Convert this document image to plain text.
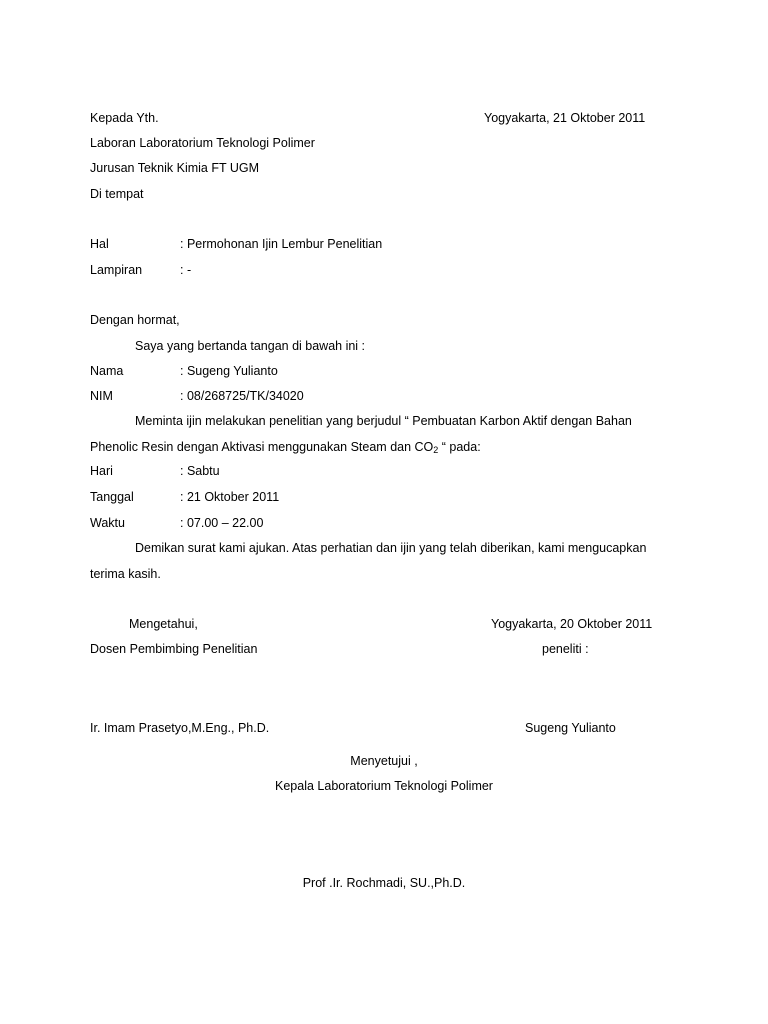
Kepada Yth.	Yogyakarta, 21 Oktober 2011
Laboran Laboratorium Teknologi Polimer
Jurusan Teknik Kimia FT UGM
Di tempat
Hal	: Permohonan Ijin Lembur Penelitian
Lampiran	: -
Dengan hormat,
Saya yang bertanda tangan di bawah ini :
Nama	: Sugeng Yulianto
NIM	: 08/268725/TK/34020
Meminta ijin melakukan penelitian yang berjudul “ Pembuatan Karbon Aktif dengan Bahan
Phenolic Resin dengan Aktivasi menggunakan Steam dan $CO_2$ “ pada:
Hari	: Sabtu
Tanggal	: 21 Oktober 2011
Waktu	: 07.00 – 22.00
Demikan surat kami ajukan. Atas perhatian dan ijin yang telah diberikan, kami mengucapkan
terima kasih.
Mengetahui,	Yogyakarta, 20 Oktober 2011
Dosen Pembimbing Penelitian	peneliti :
Ir. Imam Prasetyo,M.Eng., Ph.D.	Sugeng Yulianto
Menyetujui ,
Kepala Laboratorium Teknologi Polimer
Prof .Ir. Rochmadi, SU.,Ph.D.
